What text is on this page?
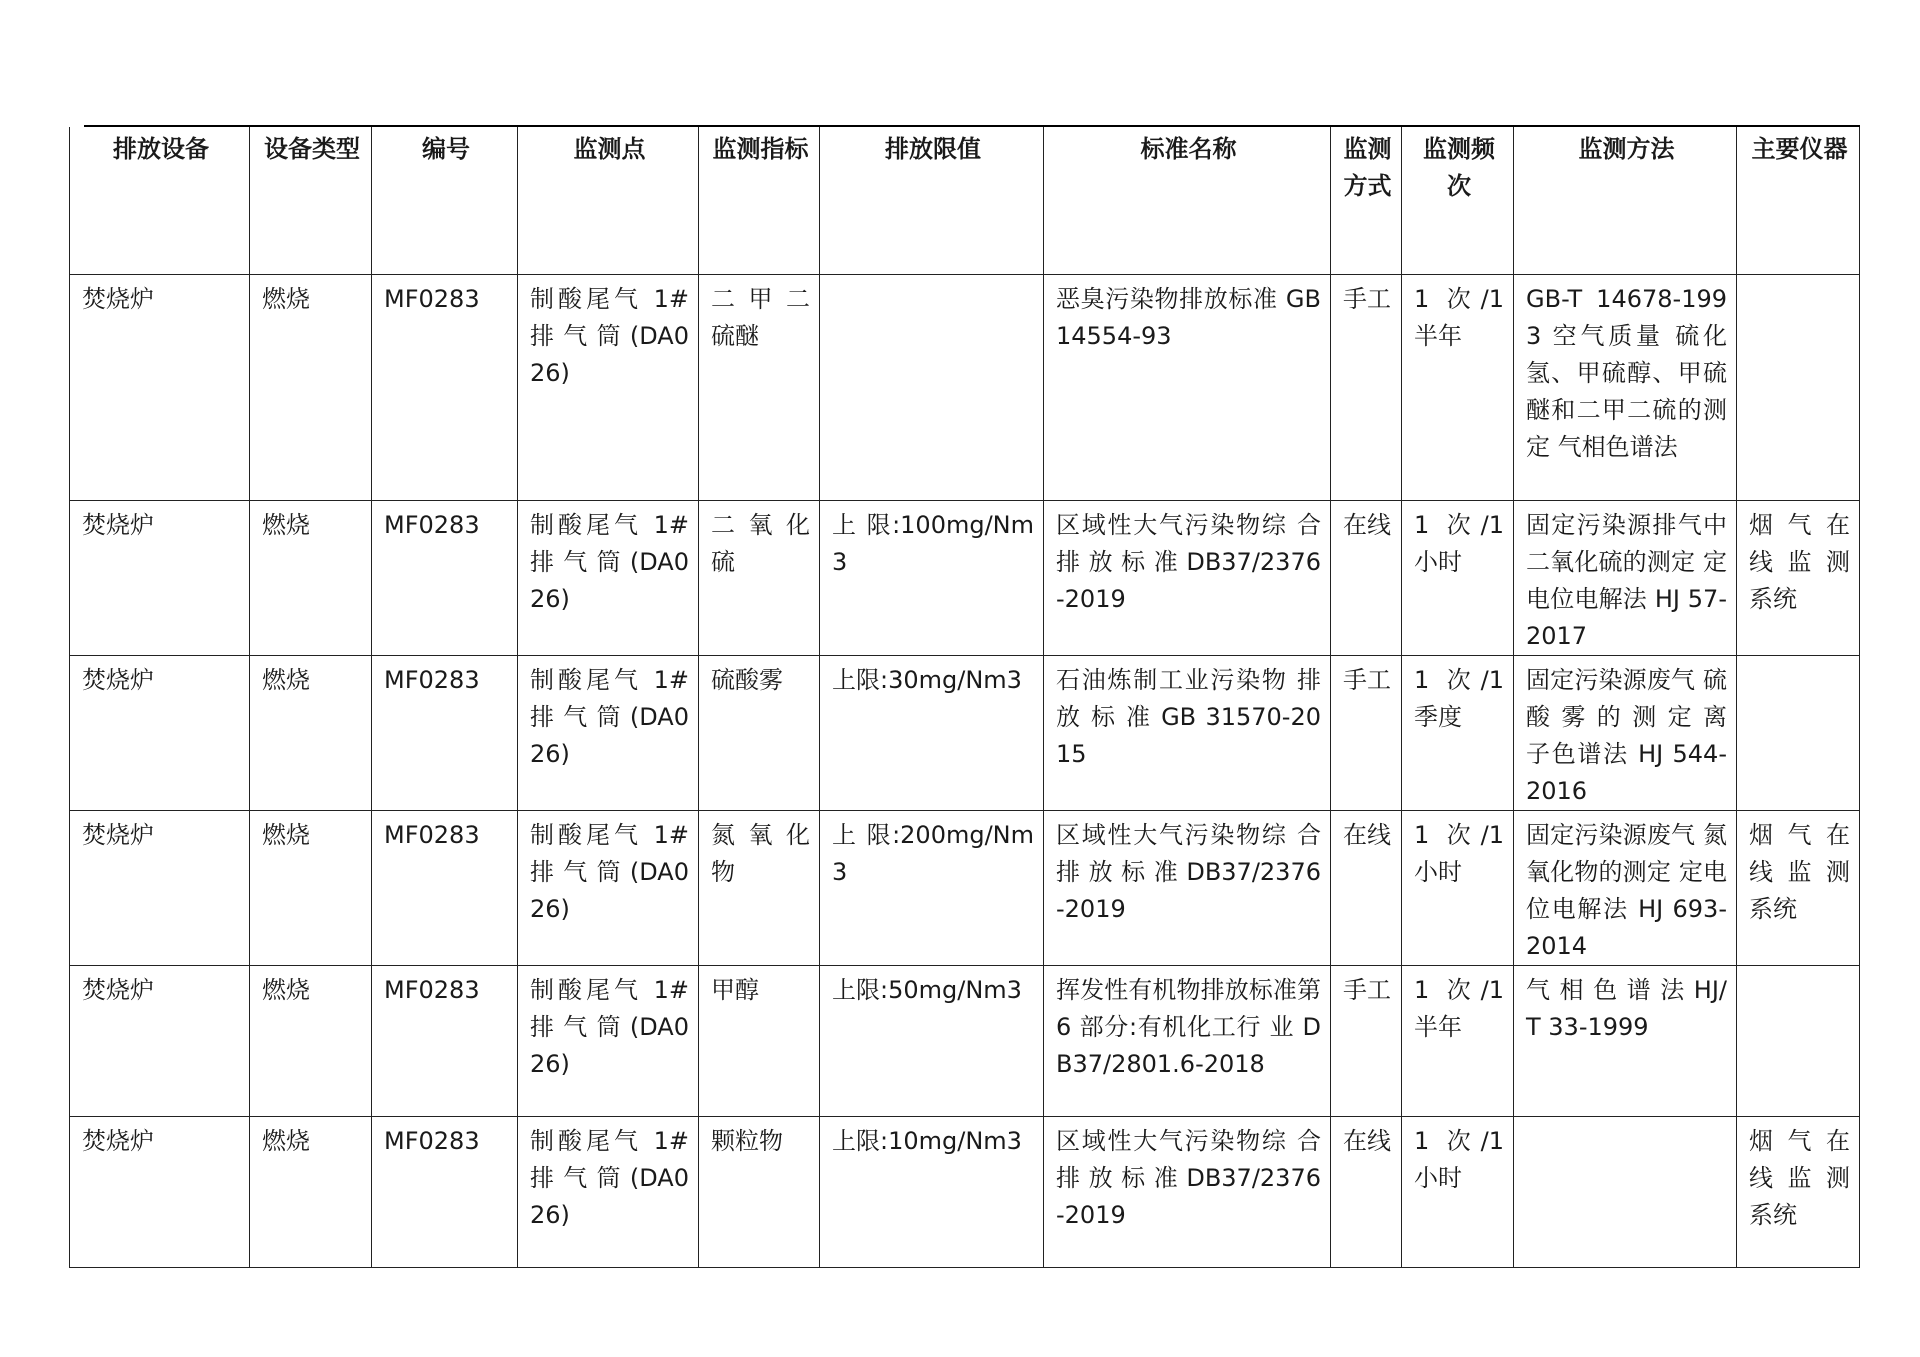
排放设备	设备类型	编号	监测点	监测指标	排放限值	标准名称	监测方式	监测频次	监测方法	主要仪器
焚烧炉	燃烧	MF0283	制酸尾气 1# 排 气 筒 (DA026)	二 甲 二 硫醚		恶臭污染物排放标准 GB 14554-93	手工	1 次/1 半年	GB-T 14678-1993 空气质量 硫化氢、甲硫醇、甲硫醚和二甲二硫的测定 气相色谱法	
焚烧炉	燃烧	MF0283	制酸尾气 1# 排 气 筒 (DA026)	二 氧 化 硫	上 限:100mg/Nm3	区域性大气污染物综 合 排 放 标 准 DB37/2376-2019	在线	1 次/1 小时	固定污染源排气中二氧化硫的测定 定电位电解法 HJ 57-2017	烟 气 在 线 监 测 系统
焚烧炉	燃烧	MF0283	制酸尾气 1# 排 气 筒 (DA026)	硫酸雾	上限:30mg/Nm3	石油炼制工业污染物 排 放 标 准 GB 31570-2015	手工	1 次/1 季度	固定污染源废气 硫 酸 雾 的 测 定 离子色谱法 HJ 544-2016	
焚烧炉	燃烧	MF0283	制酸尾气 1# 排 气 筒 (DA026)	氮 氧 化 物	上 限:200mg/Nm3	区域性大气污染物综 合 排 放 标 准 DB37/2376-2019	在线	1 次/1 小时	固定污染源废气 氮氧化物的测定 定电位电解法 HJ 693-2014	烟 气 在 线 监 测 系统
焚烧炉	燃烧	MF0283	制酸尾气 1# 排 气 筒 (DA026)	甲醇	上限:50mg/Nm3	挥发性有机物排放标准第 6 部分:有机化工行 业 DB37/2801.6-2018	手工	1 次/1 半年	气 相 色 谱 法 HJ/T 33-1999	
焚烧炉	燃烧	MF0283	制酸尾气 1# 排 气 筒 (DA026)	颗粒物	上限:10mg/Nm3	区域性大气污染物综 合 排 放 标 准 DB37/2376-2019	在线	1 次/1 小时		烟 气 在 线 监 测 系统
